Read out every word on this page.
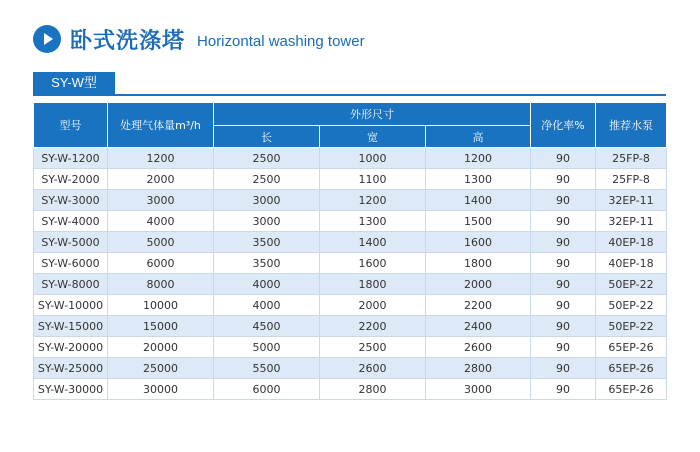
卧式洗涤塔 Horizontal washing tower
SY-W型
型号	处理气体量m³/h	外形尺寸			净化率%	推荐水泵
		长	宽	高		
SY-W-1200	1200	2500	1000	1200	90	25FP-8
SY-W-2000	2000	2500	1100	1300	90	25FP-8
SY-W-3000	3000	3000	1200	1400	90	32EP-11
SY-W-4000	4000	3000	1300	1500	90	32EP-11
SY-W-5000	5000	3500	1400	1600	90	40EP-18
SY-W-6000	6000	3500	1600	1800	90	40EP-18
SY-W-8000	8000	4000	1800	2000	90	50EP-22
SY-W-10000	10000	4000	2000	2200	90	50EP-22
SY-W-15000	15000	4500	2200	2400	90	50EP-22
SY-W-20000	20000	5000	2500	2600	90	65EP-26
SY-W-25000	25000	5500	2600	2800	90	65EP-26
SY-W-30000	30000	6000	2800	3000	90	65EP-26
